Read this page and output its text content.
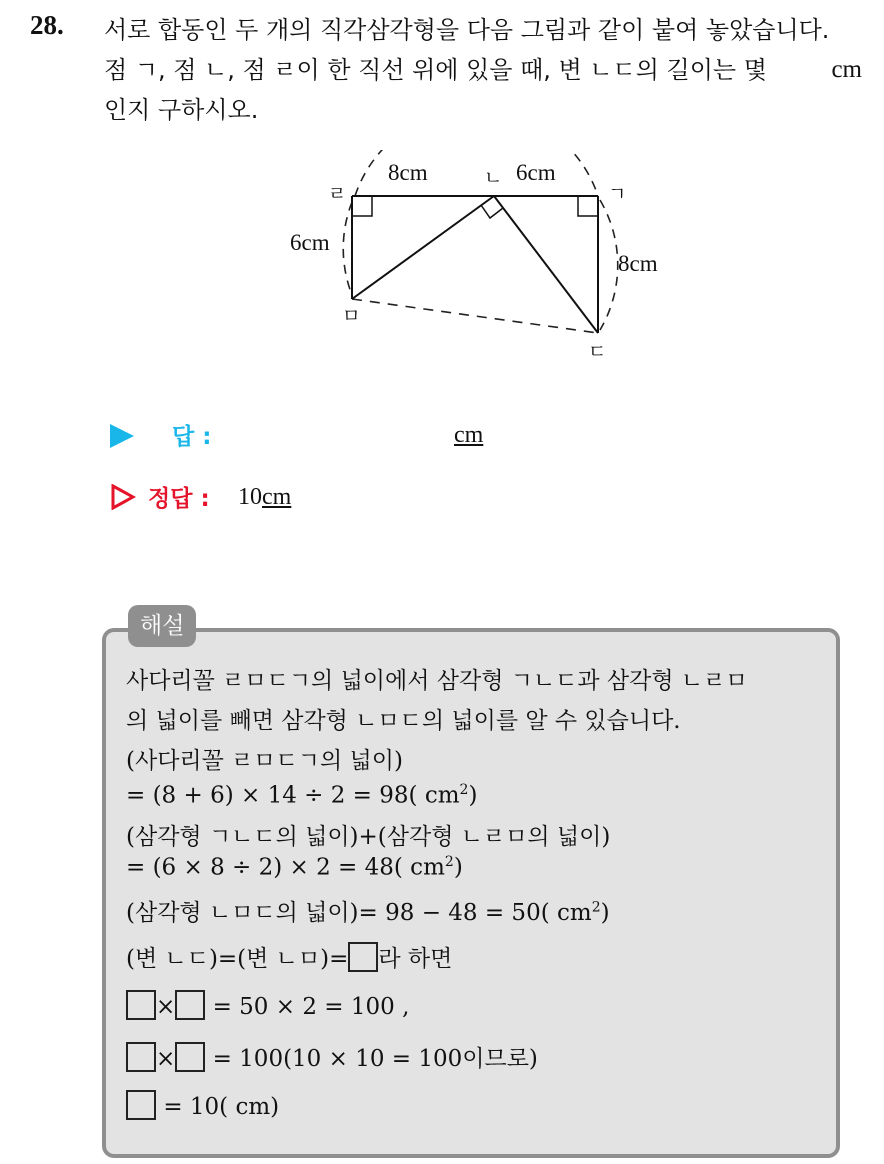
28. 서로 합동인 두 개의 직각삼각형을 다음 그림과 같이 붙여 놓았습니다.
점 ㄱ, 점 ㄴ, 점 ㄹ이 한 직선 위에 있을 때, 변 ㄴㄷ의 길이는 몇	cm
인지 구하시오.
ㄹ
ㄴ
ㄱ
ㅁ
ㄷ
8cm	6cm
6cm
8cm
답 :	cm
정답 : 10cm
해설
사다리꼴 ㄹㅁㄷㄱ의 넓이에서 삼각형 ㄱㄴㄷ과 삼각형 ㄴㄹㅁ
의 넓이를 빼면 삼각형 ㄴㅁㄷ의 넓이를 알 수 있습니다.
(사다리꼴 ㄹㅁㄷㄱ의 넓이)
= (8 + 6) × 14 ÷ 2 = 98( $cm^2$)
(삼각형 ㄱㄴㄷ의 넓이)+(삼각형 ㄴㄹㅁ의 넓이)
= (6 × 8 ÷ 2) × 2 = 48( $cm^2$)
(삼각형 ㄴㅁㄷ의 넓이)= 98 − 48 = 50( $cm^2$)
(변 ㄴㄷ)=(변 ㄴㅁ)= 라 하면
× = 50 × 2 = 100 ,
× = 100(10 × 10 = 100이므로)
= 10( cm)
